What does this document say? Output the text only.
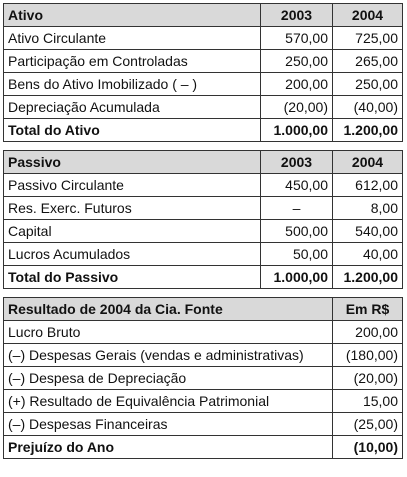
Ativo	2003	2004
Ativo Circulante	570,00	725,00
Participação em Controladas	250,00	265,00
Bens do Ativo Imobilizado ( – )	200,00	250,00
Depreciação Acumulada	(20,00)	(40,00)
Total do Ativo	1.000,00	1.200,00
Passivo	2003	2004
Passivo Circulante	450,00	612,00
Res. Exerc. Futuros	–	8,00
Capital	500,00	540,00
Lucros Acumulados	50,00	40,00
Total do Passivo	1.000,00	1.200,00
Resultado de 2004 da Cia. Fonte	Em R$
Lucro Bruto	200,00
(–) Despesas Gerais (vendas e administrativas)	(180,00)
(–) Despesa de Depreciação	(20,00)
(+) Resultado de Equivalência Patrimonial	15,00
(–) Despesas Financeiras	(25,00)
Prejuízo do Ano	(10,00)
